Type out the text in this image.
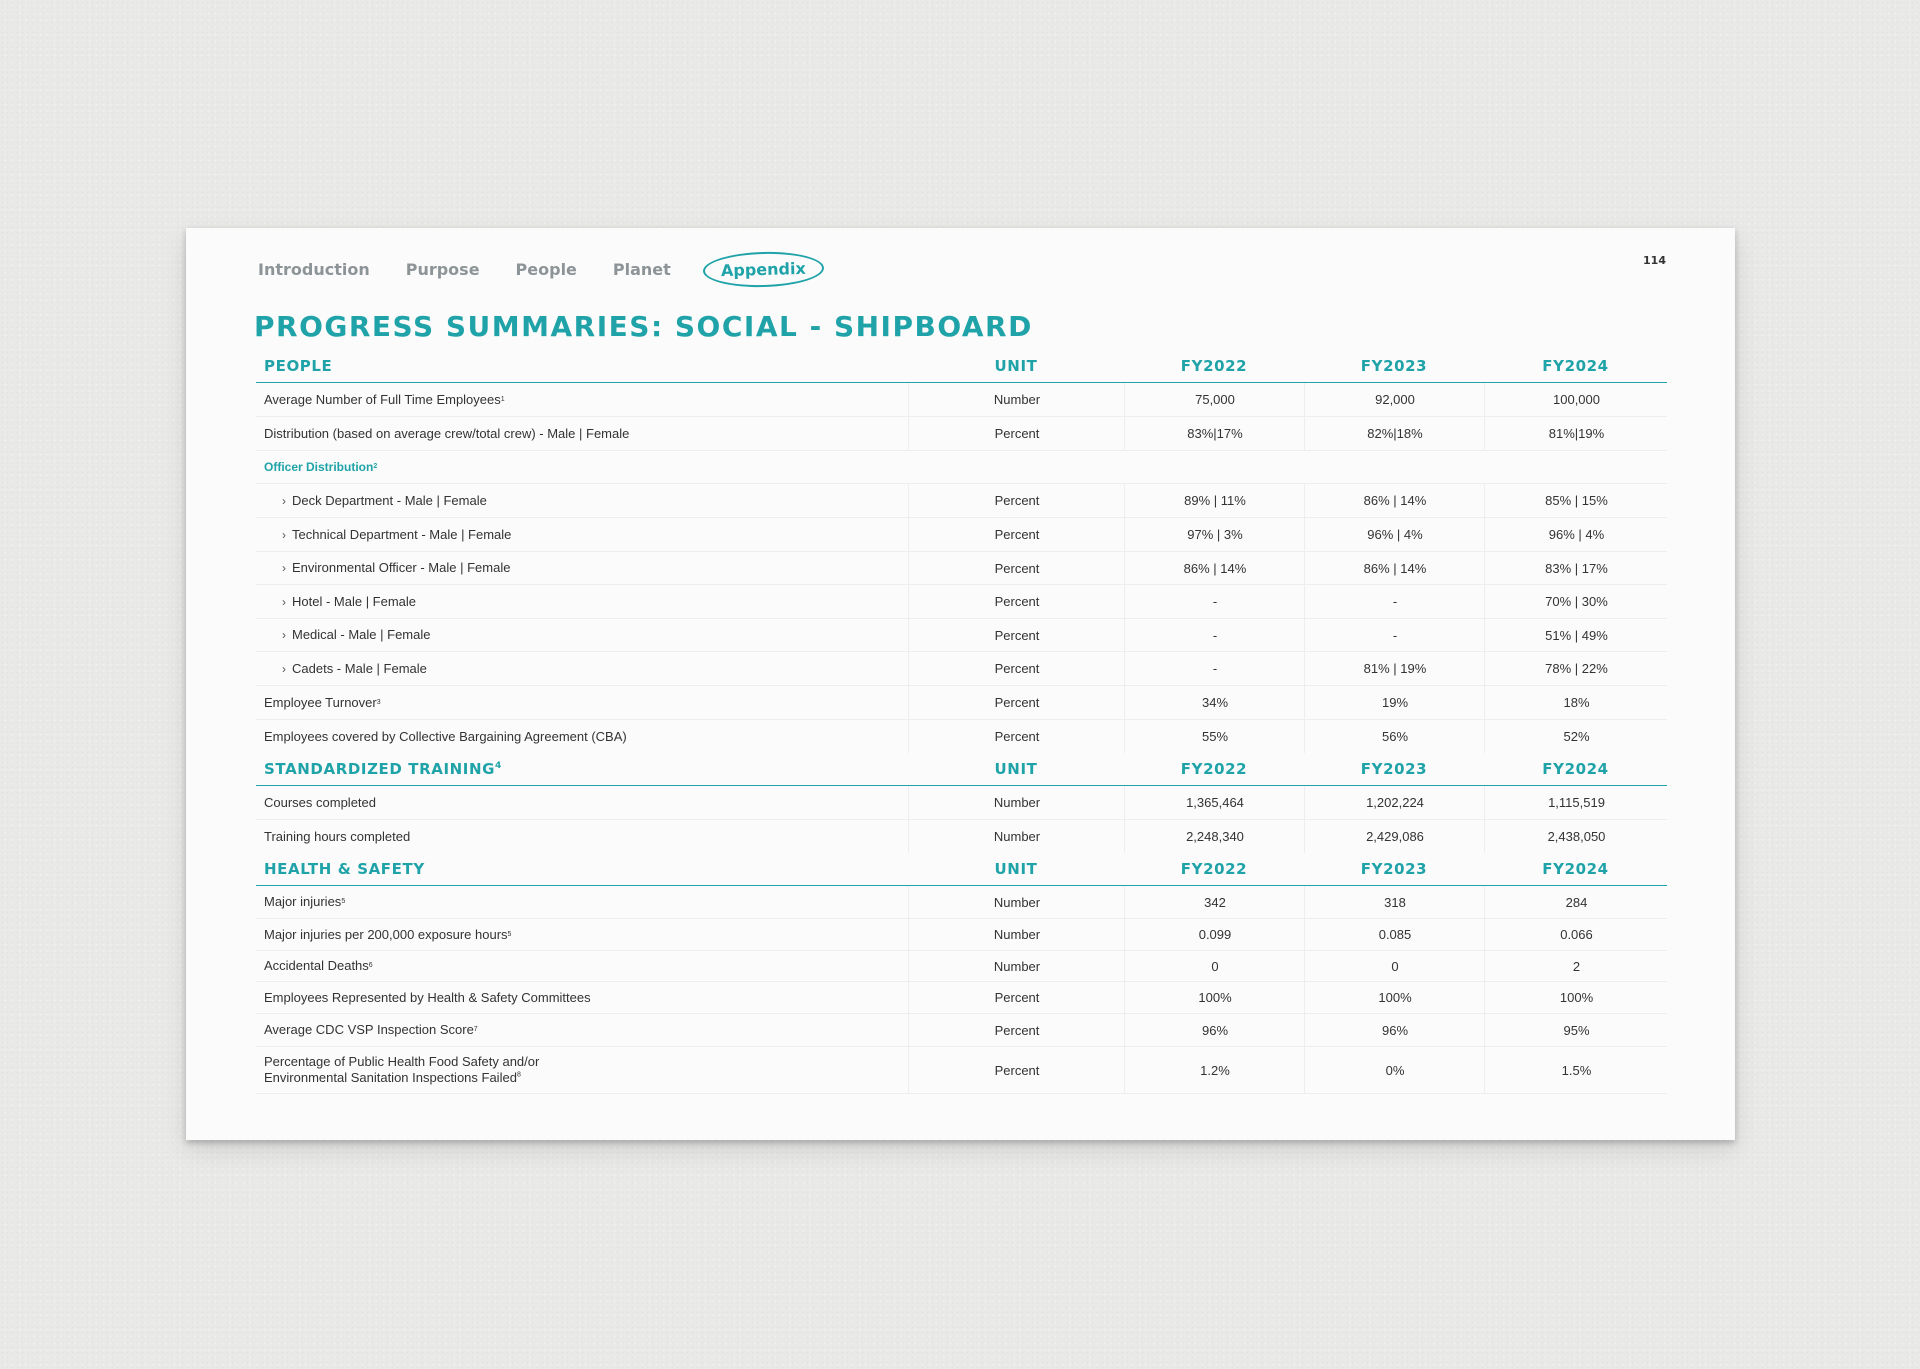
Introduction Purpose People Planet	Appendix	114
PROGRESS SUMMARIES: SOCIAL - SHIPBOARD
PEOPLE	UNIT	FY2022	FY2023	FY2024
Average Number of Full Time Employees 1	Number	75,000	92,000	100,000
Distribution (based on average crew/total crew) - Male | Female	Percent	83%|17%	82%|18%	81%|19%
Officer Distribution 2
› Deck Department - Male | Female	Percent	89% | 11%	86% | 14%	85% | 15%
› Technical Department - Male | Female	Percent	97% | 3%	96% | 4%	96% | 4%
› Environmental Officer - Male | Female	Percent	86% | 14%	86% | 14%	83% | 17%
› Hotel - Male | Female	Percent	-	-	70% | 30%
› Medical - Male | Female	Percent	-	-	51% | 49%
› Cadets - Male | Female	Percent	-	81% | 19%	78% | 22%
Employee Turnover 3	Percent	34%	19%	18%
Employees covered by Collective Bargaining Agreement (CBA)	Percent	55%	56%	52%
STANDARDIZED TRAINING$^4$	UNIT	FY2022	FY2023	FY2024
Courses completed	Number	1,365,464	1,202,224	1,115,519
Training hours completed	Number	2,248,340	2,429,086	2,438,050
HEALTH & SAFETY	UNIT	FY2022	FY2023	FY2024
Major injuries 5	Number	342	318	284
Major injuries per 200,000 exposure hours 5	Number	0.099	0.085	0.066
Accidental Deaths 6	Number	0	0	2
Employees Represented by Health & Safety Committees	Percent	100%	100%	100%
Average CDC VSP Inspection Score 7	Percent	96%	96%	95%
Percentage of Public Health Food Safety and/or
Environmental Sanitation Inspections Failed$^8$	Percent	1.2%	0%	1.5%
